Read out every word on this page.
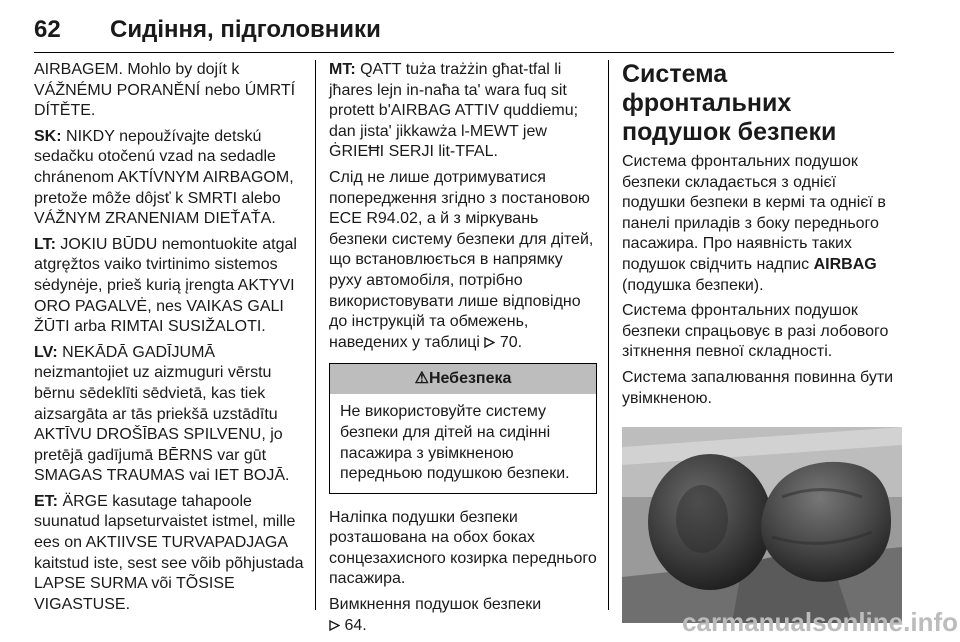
62 Сидіння, підголовники

AIRBAGEM. Mohlo by dojít k VÁŽNÉMU PORANĚNÍ nebo ÚMRTÍ DÍTĚTE.

SK: NIKDY nepoužívajte detskú sedačku otočenú vzad na sedadle chránenom AKTÍVNYM AIRBAGOM, pretože môže dôjsť k SMRTI alebo VÁŽNYM ZRANENIAM DIEŤAŤA.

LT: JOKIU BŪDU nemontuokite atgal atgręžtos vaiko tvirtinimo sistemos sėdynėje, prieš kurią įrengta AKTYVI ORO PAGALVĖ, nes VAIKAS GALI ŽŪTI arba RIMTAI SUSIŽALOTI.

LV: NEKĀDĀ GADĪJUMĀ neizmantojiet uz aizmuguri vērstu bērnu sēdeklīti sēdvietā, kas tiek aizsargāta ar tās priekšā uzstādītu AKTĪVU DROŠĪBAS SPILVENU, jo pretējā gadījumā BĒRNS var gūt SMAGAS TRAUMAS vai IET BOJĀ.

ET: ÄRGE kasutage tahapoole suunatud lapseturvaistet istmel, mille ees on AKTIIVSE TURVAPADJAGA kaitstud iste, sest see võib põhjustada LAPSE SURMA või TÕSISE VIGASTUSE.

MT: QATT tuża trażżin għat-tfal li jħares lejn in-naħa ta' wara fuq sit protett b'AIRBAG ATTIV quddiemu; dan jista' jikkawża l-MEWT jew ĠRIEĦI SERJI lit-TFAL.

Слід не лише дотримуватися попередження згідно з постановою ECE R94.02, а й з міркувань безпеки систему безпеки для дітей, що встановлюється в напрямку руху автомобіля, потрібно використовувати лише відповідно до інструкцій та обмежень, наведених у таблиці  70.

⚠Небезпека
Не використовуйте систему безпеки для дітей на сидінні пасажира з увімкненою передньою подушкою безпеки.

Наліпка подушки безпеки розташована на обох боках сонцезахисного козирка переднього пасажира.

Вимкнення подушок безпеки
64.

Система фронтальних подушок безпеки

Система фронтальних подушок безпеки складається з однієї подушки безпеки в кермі та однієї в панелі приладів з боку переднього пасажира. Про наявність таких подушок свідчить надпис AIRBAG (подушка безпеки).

Система фронтальних подушок безпеки спрацьовує в разі лобового зіткнення певної складності.

Система запалювання повинна бути увімкненою.

carmanualsonline.info
